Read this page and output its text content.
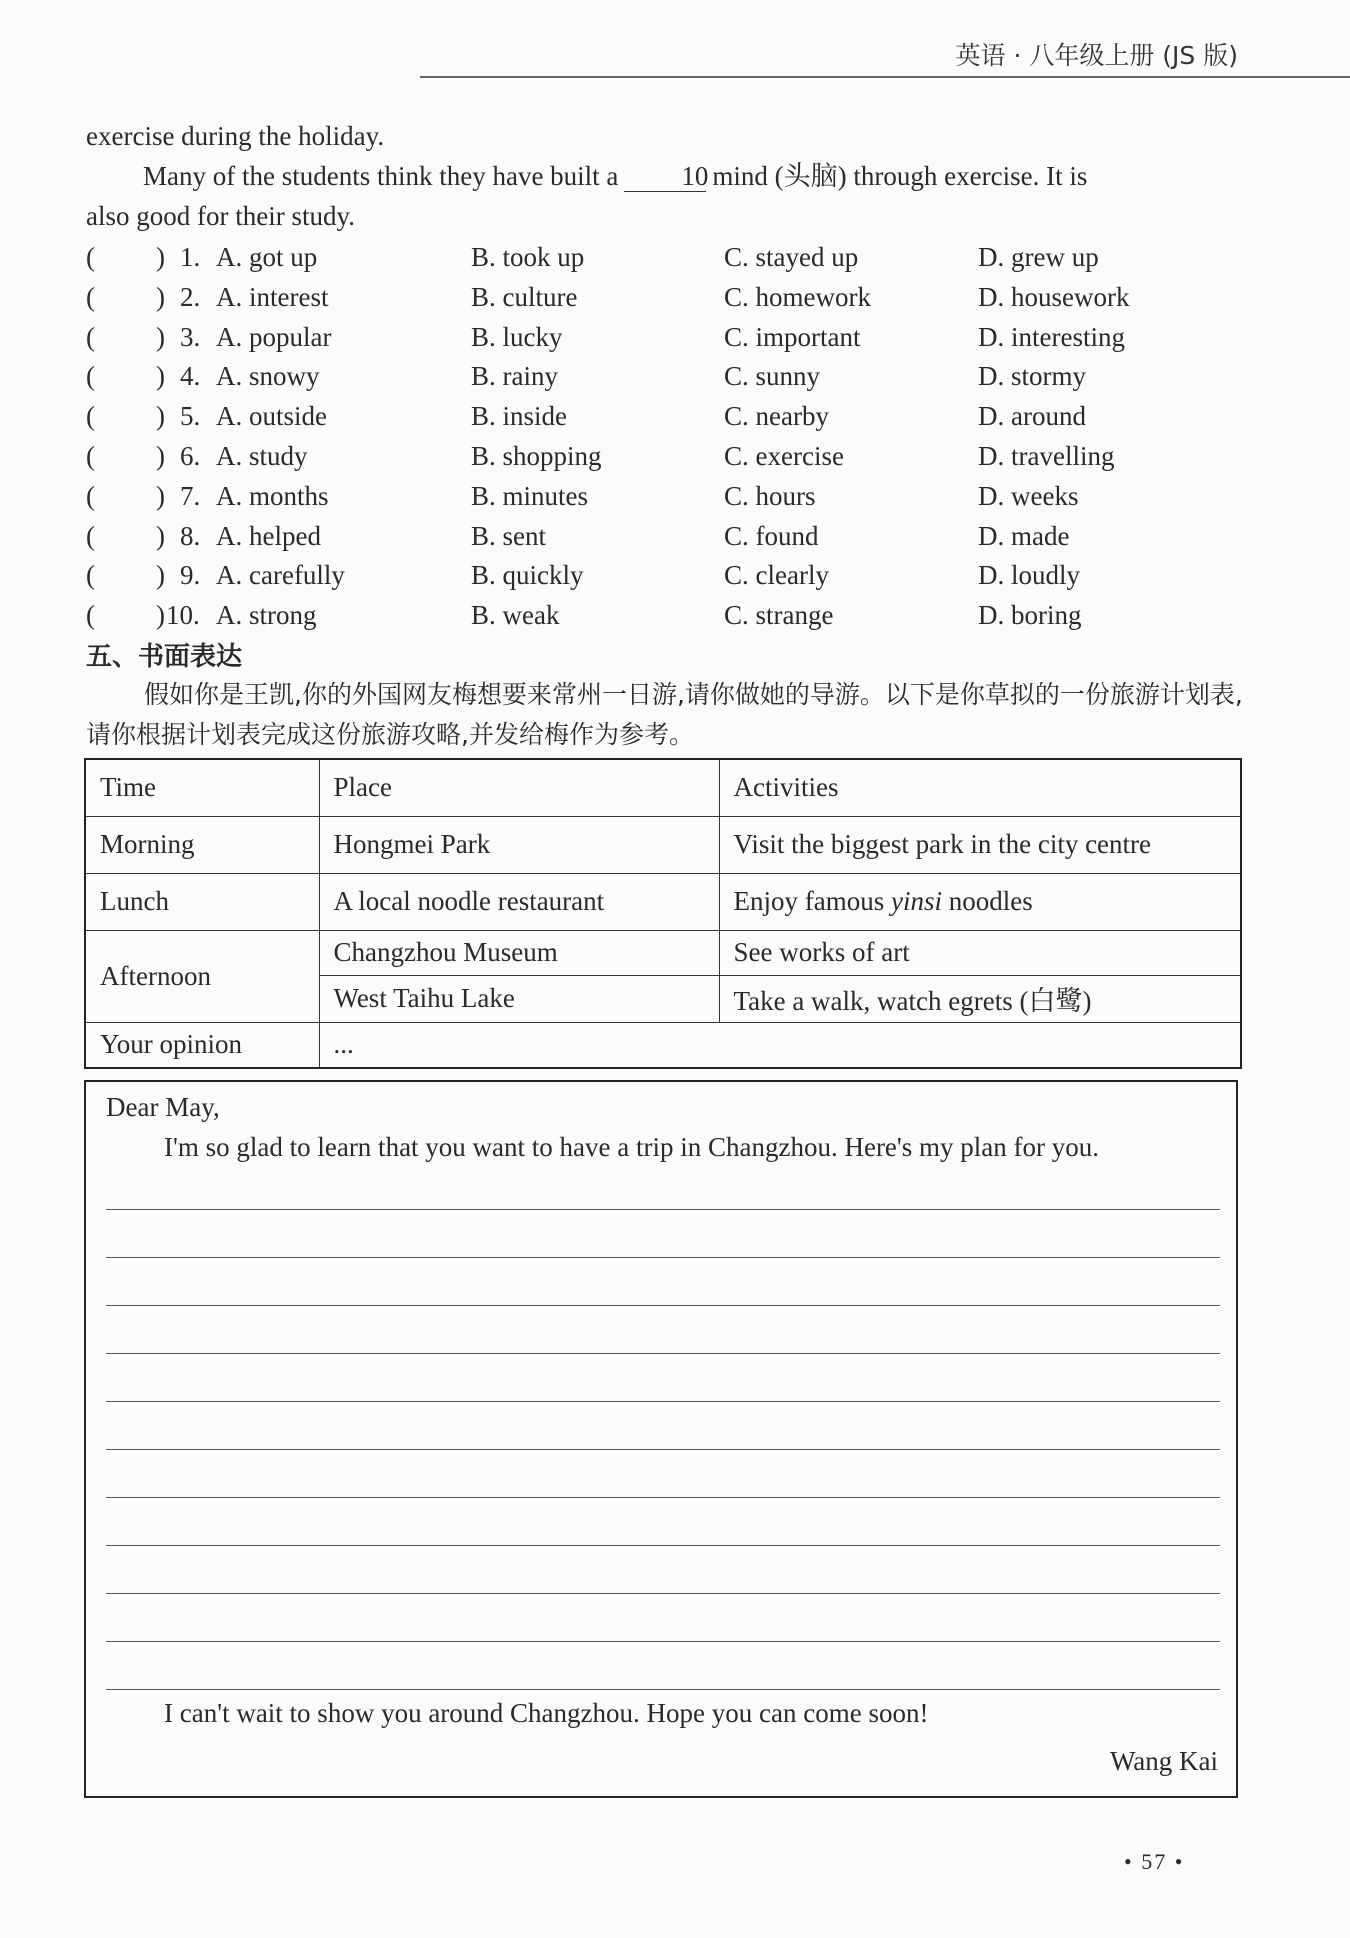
英语 · 八年级上册 (JS 版)

exercise during the holiday.

Many of the students think they have built a 10 mind (头脑) through exercise. It is

also good for their study.

( ) 1. A. got up	B. took up	C. stayed up	D. grew up
( ) 2. A. interest	B. culture	C. homework	D. housework
( ) 3. A. popular	B. lucky	C. important	D. interesting
( ) 4. A. snowy	B. rainy	C. sunny	D. stormy
( ) 5. A. outside	B. inside	C. nearby	D. around
( ) 6. A. study	B. shopping	C. exercise	D. travelling
( ) 7. A. months	B. minutes	C. hours	D. weeks
( ) 8. A. helped	B. sent	C. found	D. made
( ) 9. A. carefully	B. quickly	C. clearly	D. loudly
( ) 10. A. strong	B. weak	C. strange	D. boring
五、书面表达

假如你是王凯,你的外国网友梅想要来常州一日游,请你做她的导游。以下是你草拟的一份旅游计划表,请你根据计划表完成这份旅游攻略,并发给梅作为参考。

Time	Place	Activities
Morning	Hongmei Park	Visit the biggest park in the city centre
Lunch	A local noodle restaurant	Enjoy famous yinsi noodles
Afternoon	Changzhou Museum	See works of art
	West Taihu Lake	Take a walk, watch egrets (白鹭)
Your opinion	...	
Dear May,
I'm so glad to learn that you want to have a trip in Changzhou. Here's my plan for you.
I can't wait to show you around Changzhou. Hope you can come soon!
Wang Kai
• 57 •
